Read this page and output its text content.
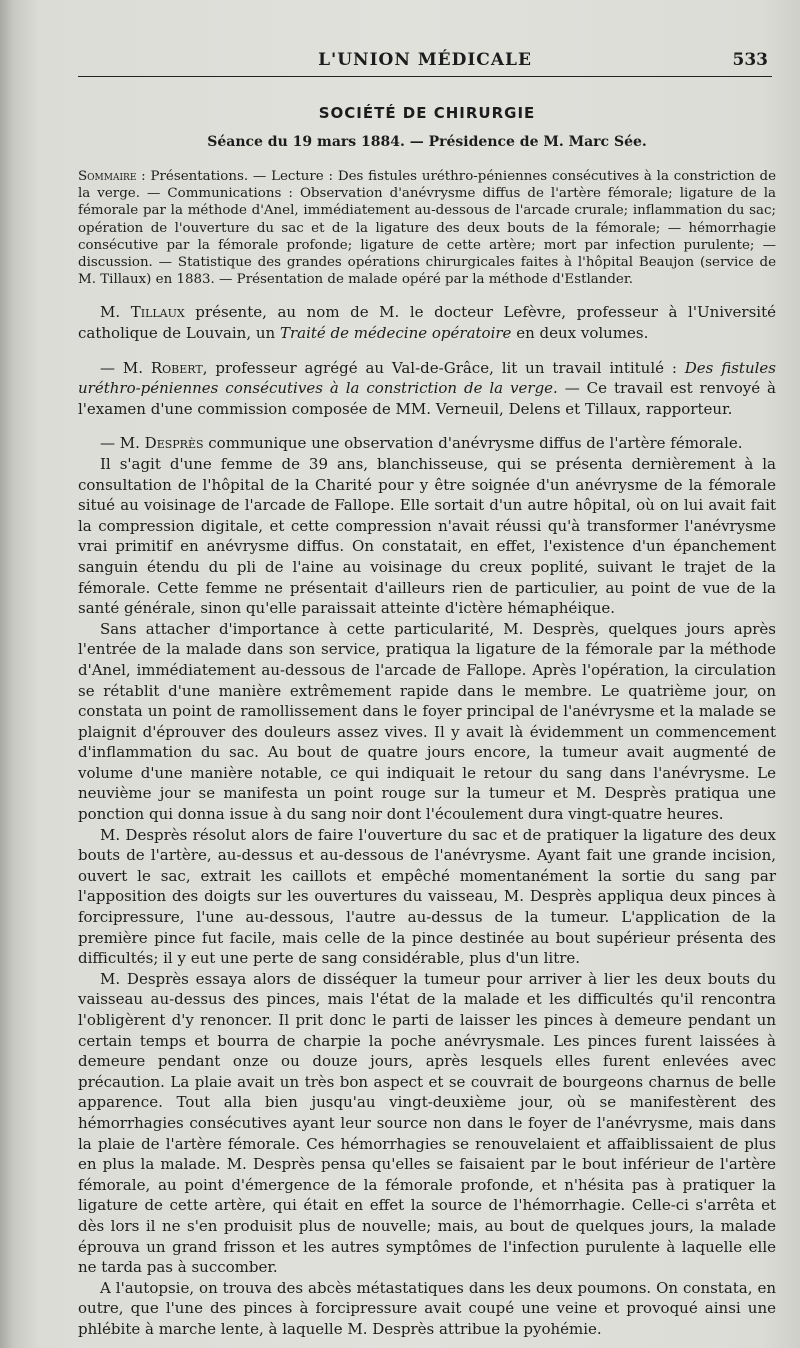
L'UNION MÉDICALE	533
SOCIÉTÉ DE CHIRURGIE
Séance du 19 mars 1884. — Présidence de M. Marc Sée.

Sommaire : Présentations. — Lecture : Des fistules uréthro-péniennes consécutives à la constriction de la verge. — Communications : Observation d'anévrysme diffus de l'artère fémorale; ligature de la fémorale par la méthode d'Anel, immédiatement au-dessous de l'arcade crurale; inflammation du sac; opération de l'ouverture du sac et de la ligature des deux bouts de la fémorale; — hémorrhagie consécutive par la fémorale profonde; ligature de cette artère; mort par infection purulente; — discussion. — Statistique des grandes opérations chirurgicales faites à l'hôpital Beaujon (service de M. Tillaux) en 1883. — Présentation de malade opéré par la méthode d'Estlander.

M. Tillaux présente, au nom de M. le docteur Lefèvre, professeur à l'Université catholique de Louvain, un Traité de médecine opératoire en deux volumes.

— M. Robert, professeur agrégé au Val-de-Grâce, lit un travail intitulé : Des fistules uréthro-péniennes consécutives à la constriction de la verge. — Ce travail est renvoyé à l'examen d'une commission composée de MM. Verneuil, Delens et Tillaux, rapporteur.

— M. Desprès communique une observation d'anévrysme diffus de l'artère fémorale.

Il s'agit d'une femme de 39 ans, blanchisseuse, qui se présenta dernièrement à la consultation de l'hôpital de la Charité pour y être soignée d'un anévrysme de la fémorale situé au voisinage de l'arcade de Fallope. Elle sortait d'un autre hôpital, où on lui avait fait la compression digitale, et cette compression n'avait réussi qu'à transformer l'anévrysme vrai primitif en anévrysme diffus. On constatait, en effet, l'existence d'un épanchement sanguin étendu du pli de l'aine au voisinage du creux poplité, suivant le trajet de la fémorale. Cette femme ne présentait d'ailleurs rien de particulier, au point de vue de la santé générale, sinon qu'elle paraissait atteinte d'ictère hémaphéique.

Sans attacher d'importance à cette particularité, M. Desprès, quelques jours après l'entrée de la malade dans son service, pratiqua la ligature de la fémorale par la méthode d'Anel, immédiatement au-dessous de l'arcade de Fallope. Après l'opération, la circulation se rétablit d'une manière extrêmement rapide dans le membre. Le quatrième jour, on constata un point de ramollissement dans le foyer principal de l'anévrysme et la malade se plaignit d'éprouver des douleurs assez vives. Il y avait là évidemment un commencement d'inflammation du sac. Au bout de quatre jours encore, la tumeur avait augmenté de volume d'une manière notable, ce qui indiquait le retour du sang dans l'anévrysme. Le neuvième jour se manifesta un point rouge sur la tumeur et M. Desprès pratiqua une ponction qui donna issue à du sang noir dont l'écoulement dura vingt-quatre heures.

M. Desprès résolut alors de faire l'ouverture du sac et de pratiquer la ligature des deux bouts de l'artère, au-dessus et au-dessous de l'anévrysme. Ayant fait une grande incision, ouvert le sac, extrait les caillots et empêché momentanément la sortie du sang par l'apposition des doigts sur les ouvertures du vaisseau, M. Desprès appliqua deux pinces à forcipressure, l'une au-dessous, l'autre au-dessus de la tumeur. L'application de la première pince fut facile, mais celle de la pince destinée au bout supérieur présenta des difficultés; il y eut une perte de sang considérable, plus d'un litre.

M. Desprès essaya alors de disséquer la tumeur pour arriver à lier les deux bouts du vaisseau au-dessus des pinces, mais l'état de la malade et les difficultés qu'il rencontra l'obligèrent d'y renoncer. Il prit donc le parti de laisser les pinces à demeure pendant un certain temps et bourra de charpie la poche anévrysmale. Les pinces furent laissées à demeure pendant onze ou douze jours, après lesquels elles furent enlevées avec précaution. La plaie avait un très bon aspect et se couvrait de bourgeons charnus de belle apparence. Tout alla bien jusqu'au vingt-deuxième jour, où se manifestèrent des hémorrhagies consécutives ayant leur source non dans le foyer de l'anévrysme, mais dans la plaie de l'artère fémorale. Ces hémorrhagies se renouvelaient et affaiblissaient de plus en plus la malade. M. Desprès pensa qu'elles se faisaient par le bout inférieur de l'artère fémorale, au point d'émergence de la fémorale profonde, et n'hésita pas à pratiquer la ligature de cette artère, qui était en effet la source de l'hémorrhagie. Celle-ci s'arrêta et dès lors il ne s'en produisit plus de nouvelle; mais, au bout de quelques jours, la malade éprouva un grand frisson et les autres symptômes de l'infection purulente à laquelle elle ne tarda pas à succomber.

A l'autopsie, on trouva des abcès métastatiques dans les deux poumons. On constata, en outre, que l'une des pinces à forcipressure avait coupé une veine et provoqué ainsi une phlébite à marche lente, à laquelle M. Desprès attribue la pyohémie.
